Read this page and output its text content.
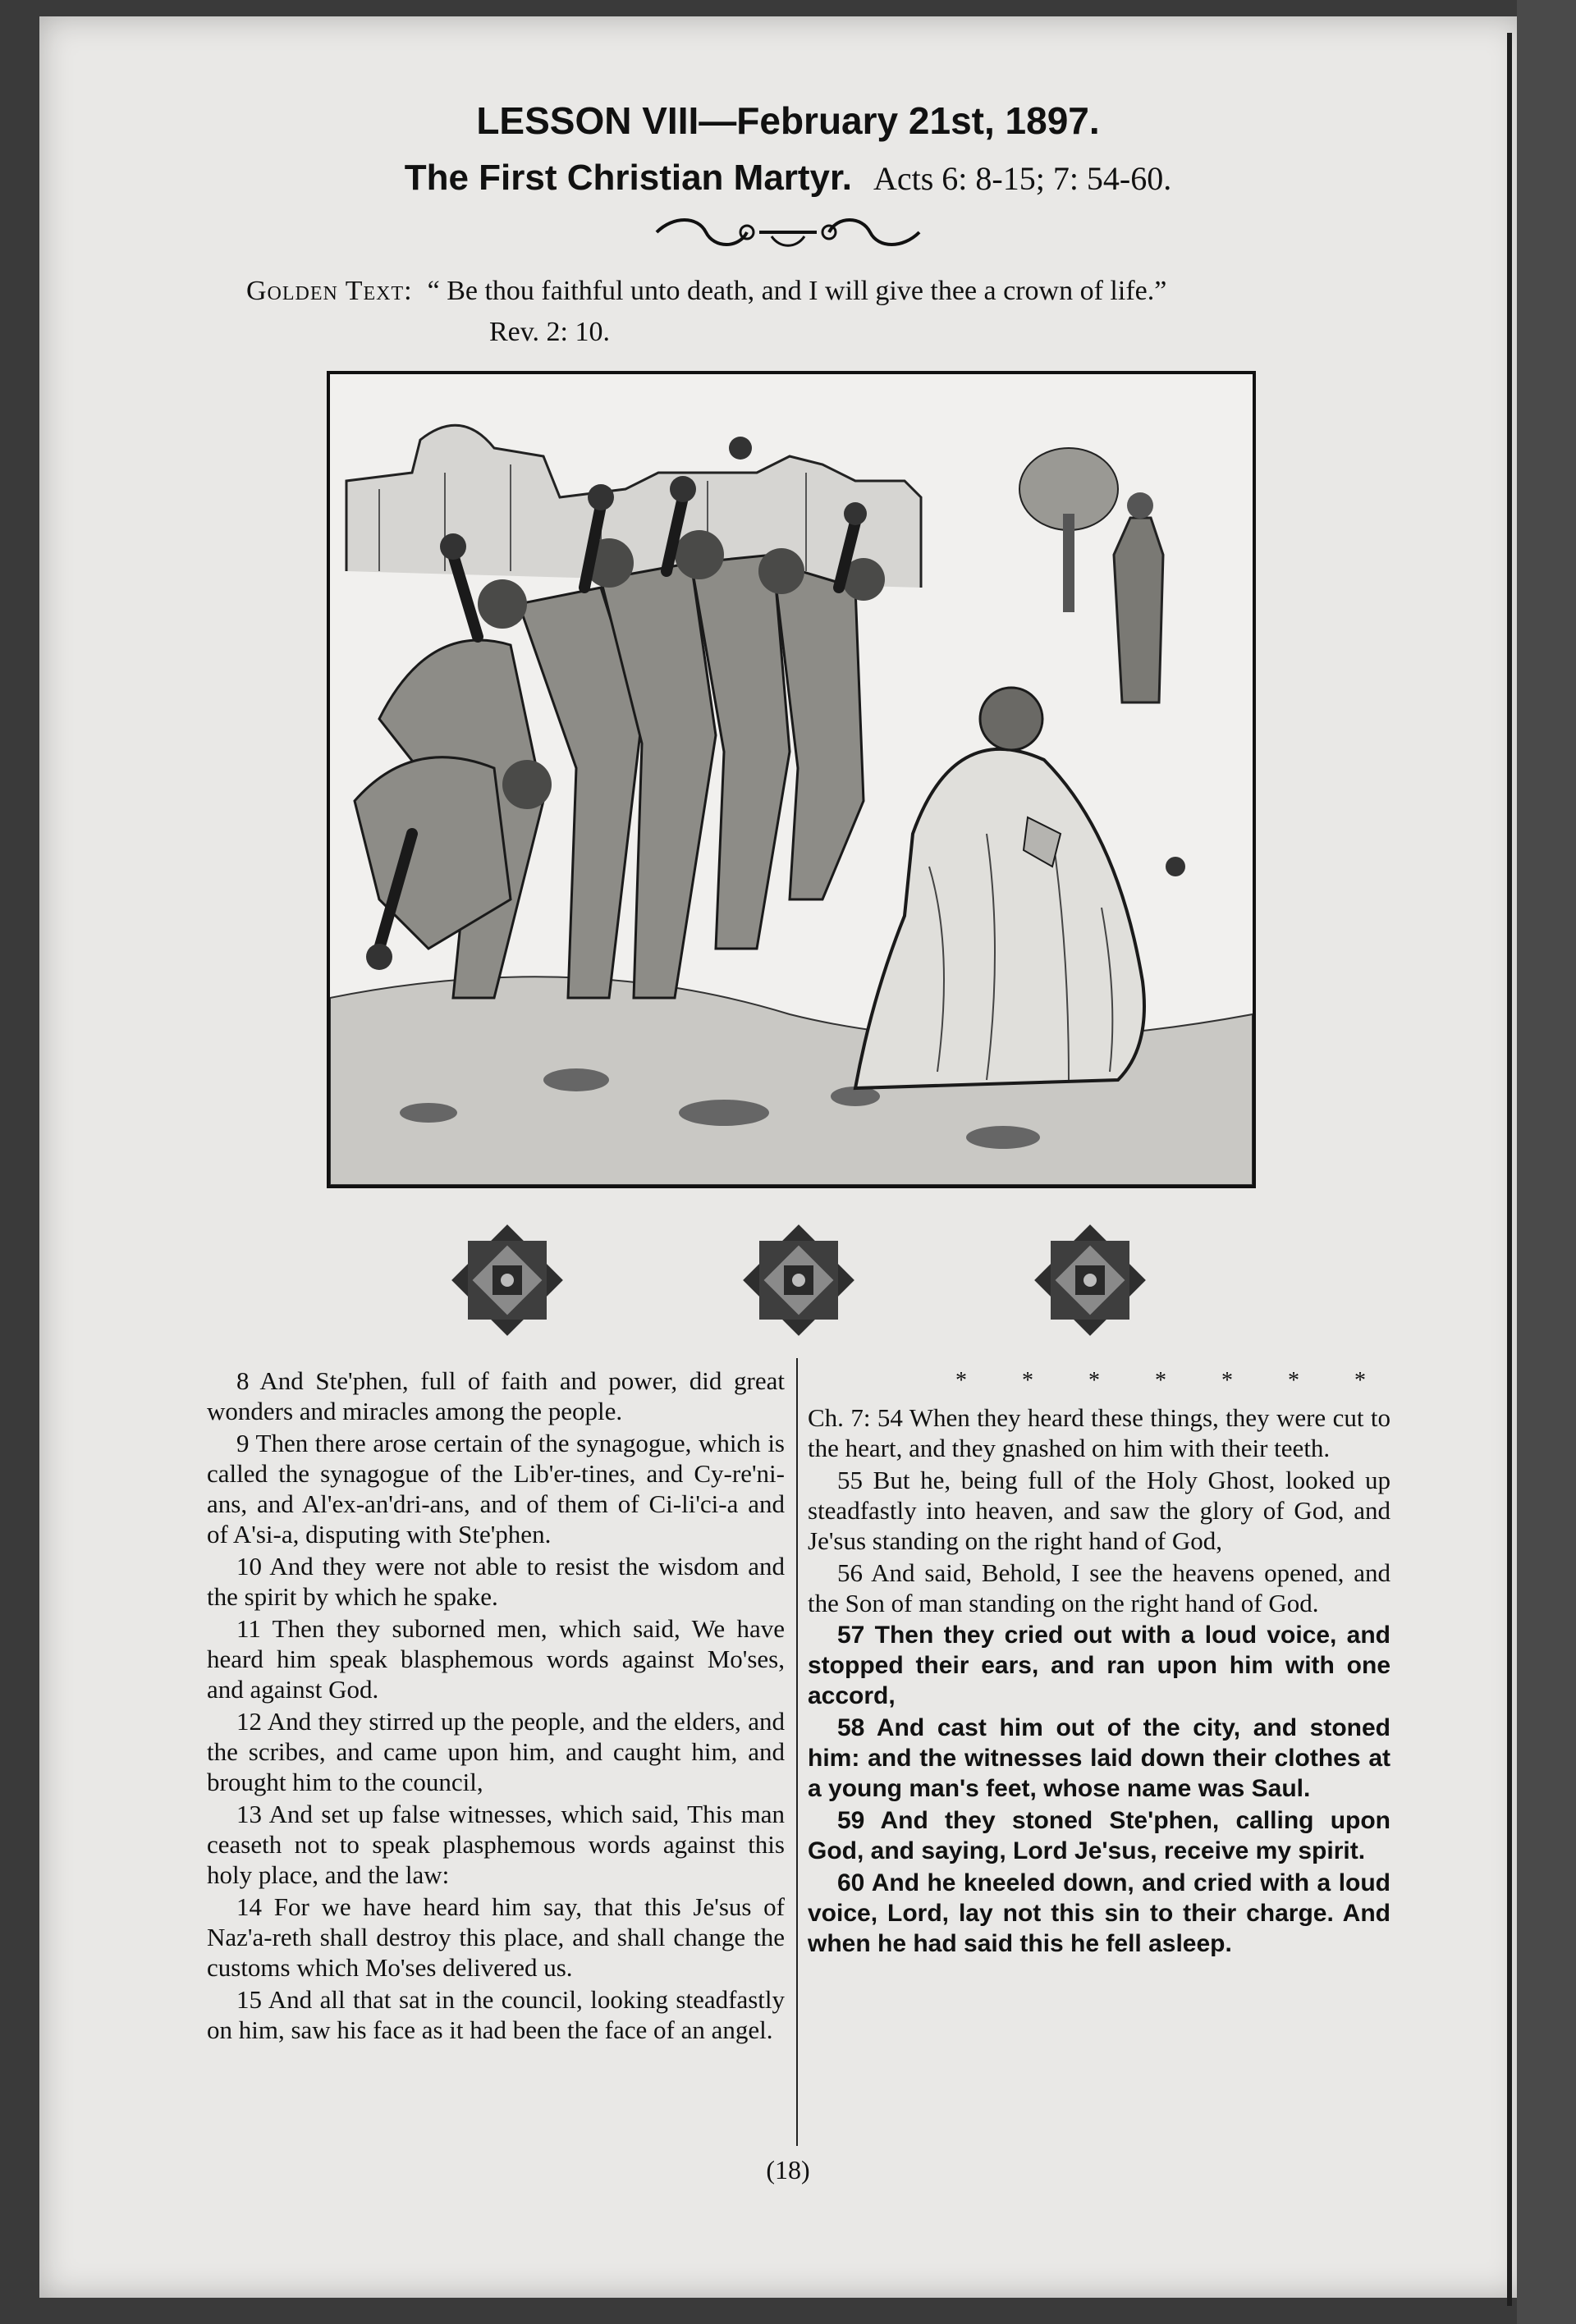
LESSON VIII—February 21st, 1897.
The First Christian Martyr. Acts 6: 8-15; 7: 54-60.
Golden Text: “ Be thou faithful unto death, and I will give thee a crown of life.”
Rev. 2: 10.

8 And Ste'phen, full of faith and power, did great wonders and miracles among the people.

9 Then there arose certain of the synagogue, which is called the synagogue of the Lib'er-tines, and Cy-re'ni-ans, and Al'ex-an'dri-ans, and of them of Ci-li'ci-a and of A'si-a, disputing with Ste'phen.

10 And they were not able to resist the wisdom and the spirit by which he spake.

11 Then they suborned men, which said, We have heard him speak blasphemous words against Mo'ses, and against God.

12 And they stirred up the people, and the elders, and the scribes, and came upon him, and caught him, and brought him to the council,

13 And set up false witnesses, which said, This man ceaseth not to speak plasphemous words against this holy place, and the law:

14 For we have heard him say, that this Je'sus of Naz'a-reth shall destroy this place, and shall change the customs which Mo'ses delivered us.

15 And all that sat in the council, looking steadfastly on him, saw his face as it had been the face of an angel.

* * * * * * *

Ch. 7: 54 When they heard these things, they were cut to the heart, and they gnashed on him with their teeth.

55 But he, being full of the Holy Ghost, looked up steadfastly into heaven, and saw the glory of God, and Je'sus standing on the right hand of God,

56 And said, Behold, I see the heavens opened, and the Son of man standing on the right hand of God.

57 Then they cried out with a loud voice, and stopped their ears, and ran upon him with one accord,

58 And cast him out of the city, and stoned him: and the witnesses laid down their clothes at a young man's feet, whose name was Saul.

59 And they stoned Ste'phen, calling upon God, and saying, Lord Je'sus, receive my spirit.

60 And he kneeled down, and cried with a loud voice, Lord, lay not this sin to their charge. And when he had said this he fell asleep.

(18)
